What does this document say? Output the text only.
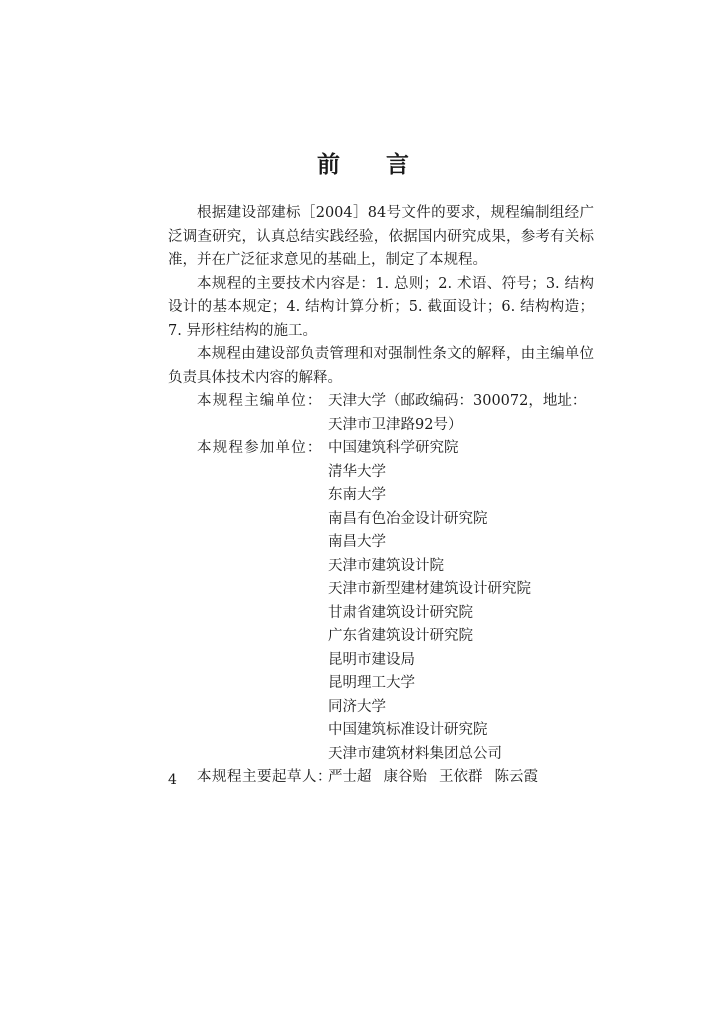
前 言

根据建设部建标［2004］84号文件的要求，规程编制组经广泛调查研究，认真总结实践经验，依据国内研究成果，参考有关标准，并在广泛征求意见的基础上，制定了本规程。

本规程的主要技术内容是：1. 总则；2. 术语、符号；3. 结构设计的基本规定；4. 结构计算分析；5. 截面设计；6. 结构构造；7. 异形柱结构的施工。

本规程由建设部负责管理和对强制性条文的解释，由主编单位负责具体技术内容的解释。

本规程主编单位： 天津大学（邮政编码：300072，地址：
天津市卫津路92号）
本规程参加单位： 中国建筑科学研究院
清华大学
东南大学
南昌有色冶金设计研究院
南昌大学
天津市建筑设计院
天津市新型建材建筑设计研究院
甘肃省建筑设计研究院
广东省建筑设计研究院
昆明市建设局
昆明理工大学
同济大学
中国建筑标准设计研究院
天津市建筑材料集团总公司
本规程主要起草人：
严士超 康谷贻 王依群 陈云霞
4
